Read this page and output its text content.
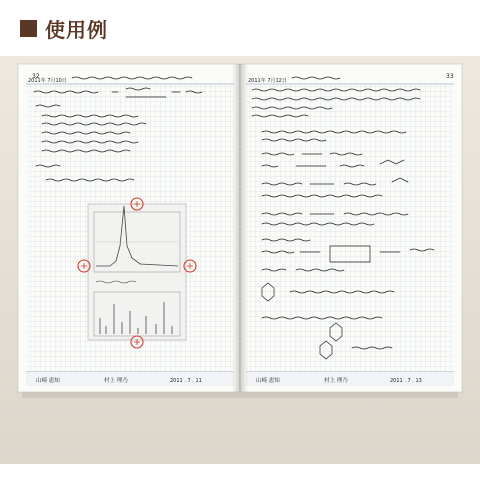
使用例
32	33
2011年 7月10日	2011年 7月12日
山崎 恵知	村上 理乃	2011 . 7 . 11	山崎 恵知	村上 理乃	2011 . 7 . 13
